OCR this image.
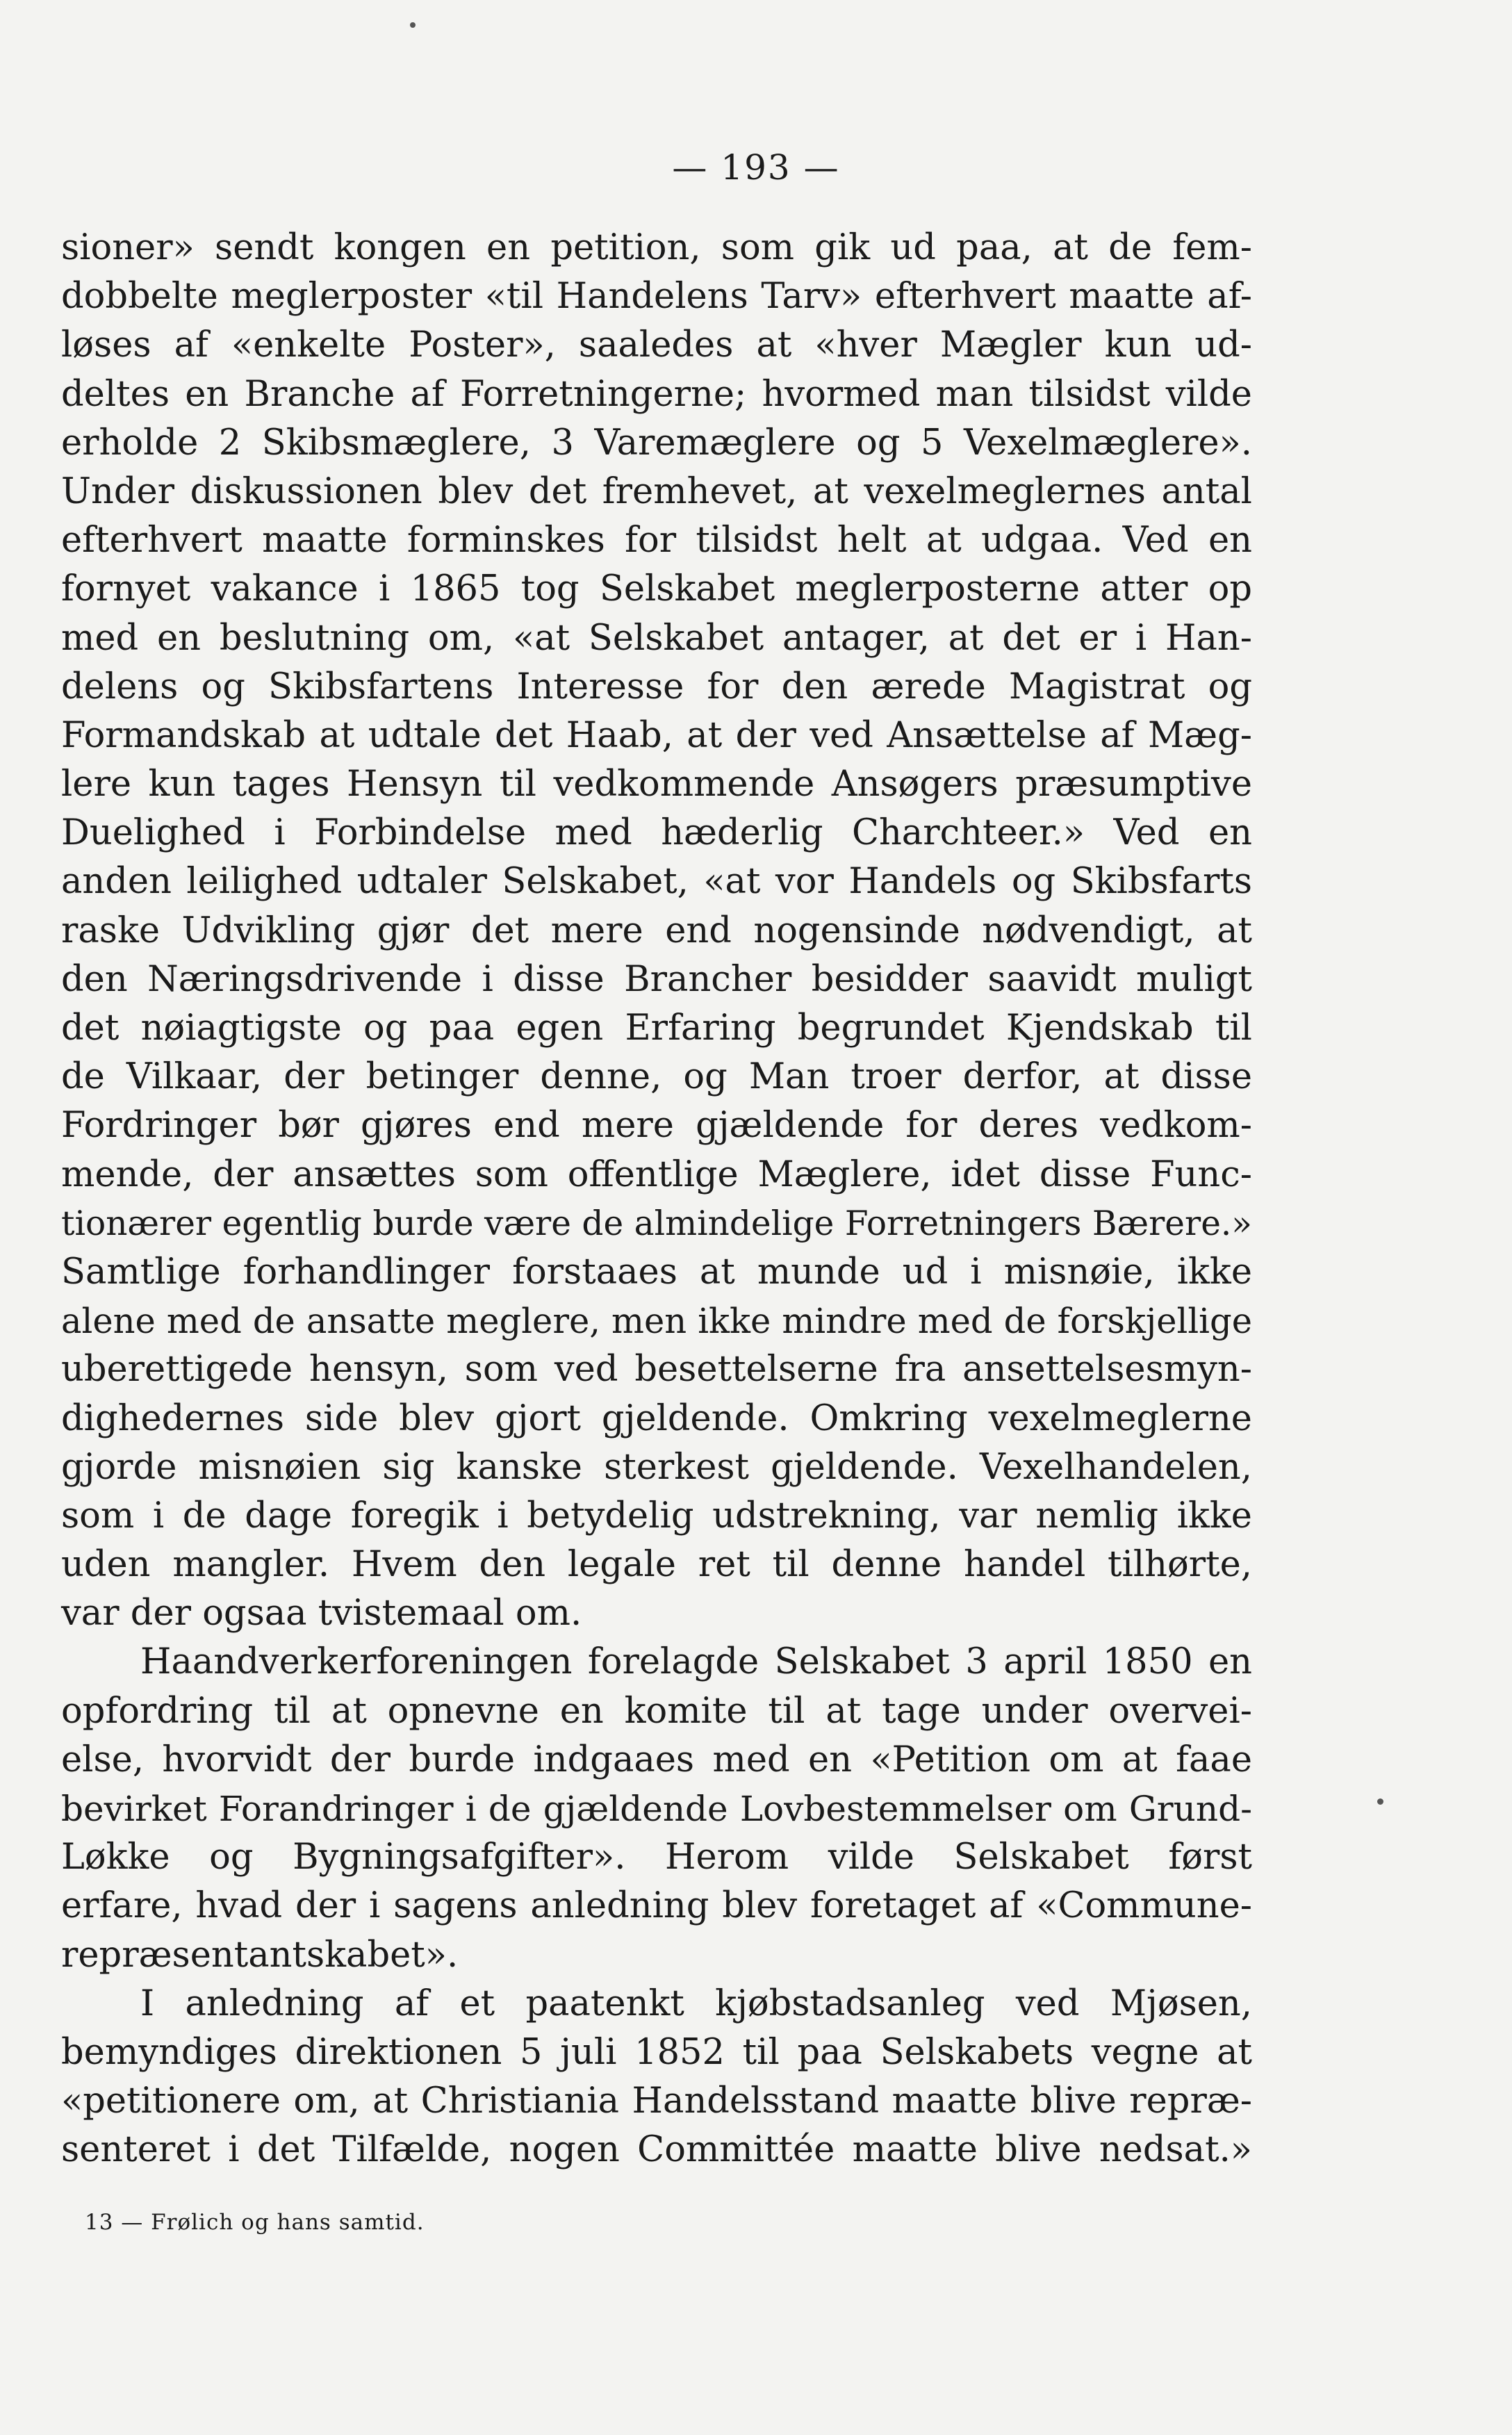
— 193 —
sioner» sendt kongen en petition, som gik ud paa, at de fem-
dobbelte meglerposter «til Handelens Tarv» efterhvert maatte af-
løses af «enkelte Poster», saaledes at «hver Mægler kun ud-
deltes en Branche af Forretningerne; hvormed man tilsidst vilde
erholde 2 Skibsmæglere, 3 Varemæglere og 5 Vexelmæglere».
Under diskussionen blev det fremhevet, at vexelmeglernes antal
efterhvert maatte forminskes for tilsidst helt at udgaa. Ved en
fornyet vakance i 1865 tog Selskabet meglerposterne atter op
med en beslutning om, «at Selskabet antager, at det er i Han-
delens og Skibsfartens Interesse for den ærede Magistrat og
Formandskab at udtale det Haab, at der ved Ansættelse af Mæg-
lere kun tages Hensyn til vedkommende Ansøgers præsumptive
Duelighed i Forbindelse med hæderlig Charchteer.» Ved en
anden leilighed udtaler Selskabet, «at vor Handels og Skibsfarts
raske Udvikling gjør det mere end nogensinde nødvendigt, at
den Næringsdrivende i disse Brancher besidder saavidt muligt
det nøiagtigste og paa egen Erfaring begrundet Kjendskab til
de Vilkaar, der betinger denne, og Man troer derfor, at disse
Fordringer bør gjøres end mere gjældende for deres vedkom-
mende, der ansættes som offentlige Mæglere, idet disse Func-
tionærer egentlig burde være de almindelige Forretningers Bærere.»
Samtlige forhandlinger forstaaes at munde ud i misnøie, ikke
alene med de ansatte meglere, men ikke mindre med de forskjellige
uberettigede hensyn, som ved besettelserne fra ansettelsesmyn-
dighedernes side blev gjort gjeldende. Omkring vexelmeglerne
gjorde misnøien sig kanske sterkest gjeldende. Vexelhandelen,
som i de dage foregik i betydelig udstrekning, var nemlig ikke
uden mangler. Hvem den legale ret til denne handel tilhørte,
var der ogsaa tvistemaal om.
Haandverkerforeningen forelagde Selskabet 3 april 1850 en
opfordring til at opnevne en komite til at tage under overvei-
else, hvorvidt der burde indgaaes med en «Petition om at faae
bevirket Forandringer i de gjældende Lovbestemmelser om Grund-
Løkke og Bygningsafgifter». Herom vilde Selskabet først
erfare, hvad der i sagens anledning blev foretaget af «Commune-
repræsentantskabet».
I anledning af et paatenkt kjøbstadsanleg ved Mjøsen,
bemyndiges direktionen 5 juli 1852 til paa Selskabets vegne at
«petitionere om, at Christiania Handelsstand maatte blive repræ-
senteret i det Tilfælde, nogen Committée maatte blive nedsat.»
13 — Frølich og hans samtid.
